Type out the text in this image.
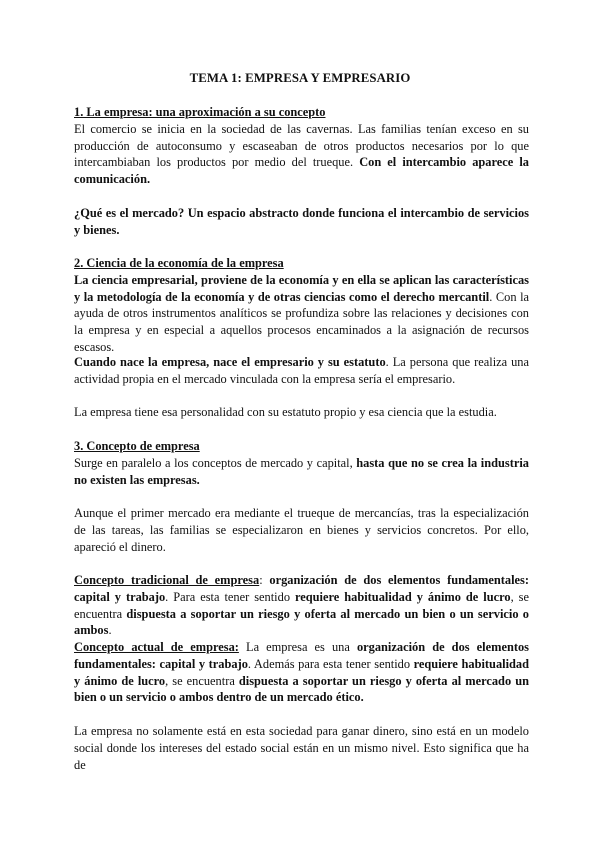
TEMA 1: EMPRESA Y EMPRESARIO
1. La empresa: una aproximación a su concepto
El comercio se inicia en la sociedad de las cavernas. Las familias tenían exceso en su producción de autoconsumo y escaseaban de otros productos necesarios por lo que intercambiaban los productos por medio del trueque. Con el intercambio aparece la comunicación.
¿Qué es el mercado? Un espacio abstracto donde funciona el intercambio de servicios y bienes.
2. Ciencia de la economía de la empresa
La ciencia empresarial, proviene de la economía y en ella se aplican las características y la metodología de la economía y de otras ciencias como el derecho mercantil. Con la ayuda de otros instrumentos analíticos se profundiza sobre las relaciones y decisiones con la empresa y en especial a aquellos procesos encaminados a la asignación de recursos escasos.
Cuando nace la empresa, nace el empresario y su estatuto. La persona que realiza una actividad propia en el mercado vinculada con la empresa sería el empresario.
La empresa tiene esa personalidad con su estatuto propio y esa ciencia que la estudia.
3. Concepto de empresa
Surge en paralelo a los conceptos de mercado y capital, hasta que no se crea la industria no existen las empresas.
Aunque el primer mercado era mediante el trueque de mercancías, tras la especialización de las tareas, las familias se especializaron en bienes y servicios concretos. Por ello, apareció el dinero.
Concepto tradicional de empresa: organización de dos elementos fundamentales: capital y trabajo. Para esta tener sentido requiere habitualidad y ánimo de lucro, se encuentra dispuesta a soportar un riesgo y oferta al mercado un bien o un servicio o ambos.
Concepto actual de empresa: La empresa es una organización de dos elementos fundamentales: capital y trabajo. Además para esta tener sentido requiere habitualidad y ánimo de lucro, se encuentra dispuesta a soportar un riesgo y oferta al mercado un bien o un servicio o ambos dentro de un mercado ético.
La empresa no solamente está en esta sociedad para ganar dinero, sino está en un modelo social donde los intereses del estado social están en un mismo nivel. Esto significa que ha de
